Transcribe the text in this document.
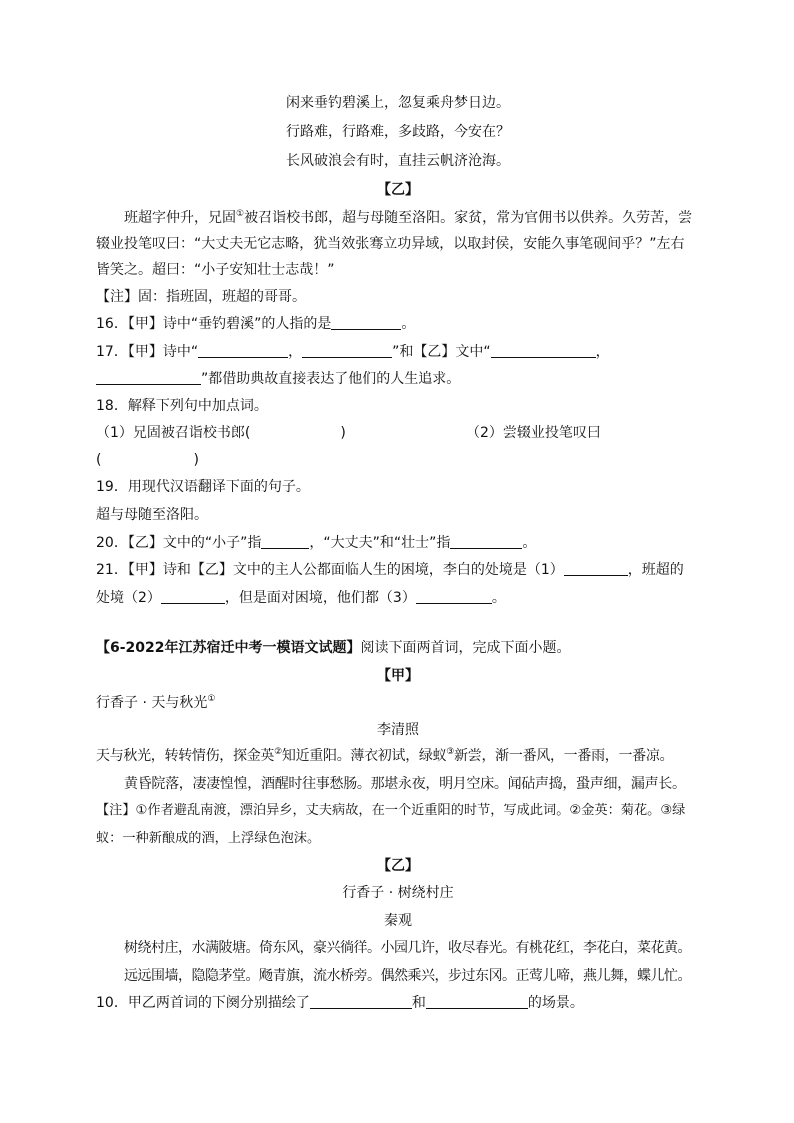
闲来垂钓碧溪上，忽复乘舟梦日边。
行路难，行路难，多歧路，今安在？
长风破浪会有时，直挂云帆济沧海。
【乙】
班超字仲升，兄固①被召诣校书郎，超与母随至洛阳。家贫，常为官佣书以供养。久劳苦，尝
辍业投笔叹曰：“大丈夫无它志略，犹当效张骞立功异域，以取封侯，安能久事笔砚间乎？”左右
皆笑之。超曰：“小子安知壮士志哉！”
【注】固：指班固，班超的哥哥。
16．【甲】诗中“垂钓碧溪”的人指的是	。
17．【甲】诗中“	，	”和【乙】文中“	，
”都借助典故直接表达了他们的人生追求。
18．解释下列句中加点词。
（1）兄固被召诣校书郎(	)	（2）尝辍业投笔叹曰
(	)
19．用现代汉语翻译下面的句子。
超与母随至洛阳。
20．【乙】文中的“小子”指	，“大丈夫”和“壮士”指	。
21．【甲】诗和【乙】文中的主人公都面临人生的困境，李白的处境是（1）	，班超的
处境（2）	，但是面对困境，他们都（3）	。
【6-2022年江苏宿迁中考一模语文试题】阅读下面两首词，完成下面小题。
【甲】
行香子 · 天与秋光①
李清照
天与秋光，转转情伤，探金英②知近重阳。薄衣初试，绿蚁③新尝，渐一番风，一番雨，一番凉。
黄昏院落，凄凄惶惶，酒醒时往事愁肠。那堪永夜，明月空床。闻砧声捣，蛩声细，漏声长。
【注】①作者避乱南渡，漂泊异乡，丈夫病故，在一个近重阳的时节，写成此词。②金英：菊花。③绿
蚁：一种新酿成的酒，上浮绿色泡沫。
【乙】
行香子 · 树绕村庄
秦观
树绕村庄，水满陂塘。倚东风，豪兴徜徉。小园几许，收尽春光。有桃花红，李花白，菜花黄。
远远围墙，隐隐茅堂。飏青旗，流水桥旁。偶然乘兴，步过东冈。正莺儿啼，燕儿舞，蝶儿忙。
10．甲乙两首词的下阕分别描绘了	和	的场景。
